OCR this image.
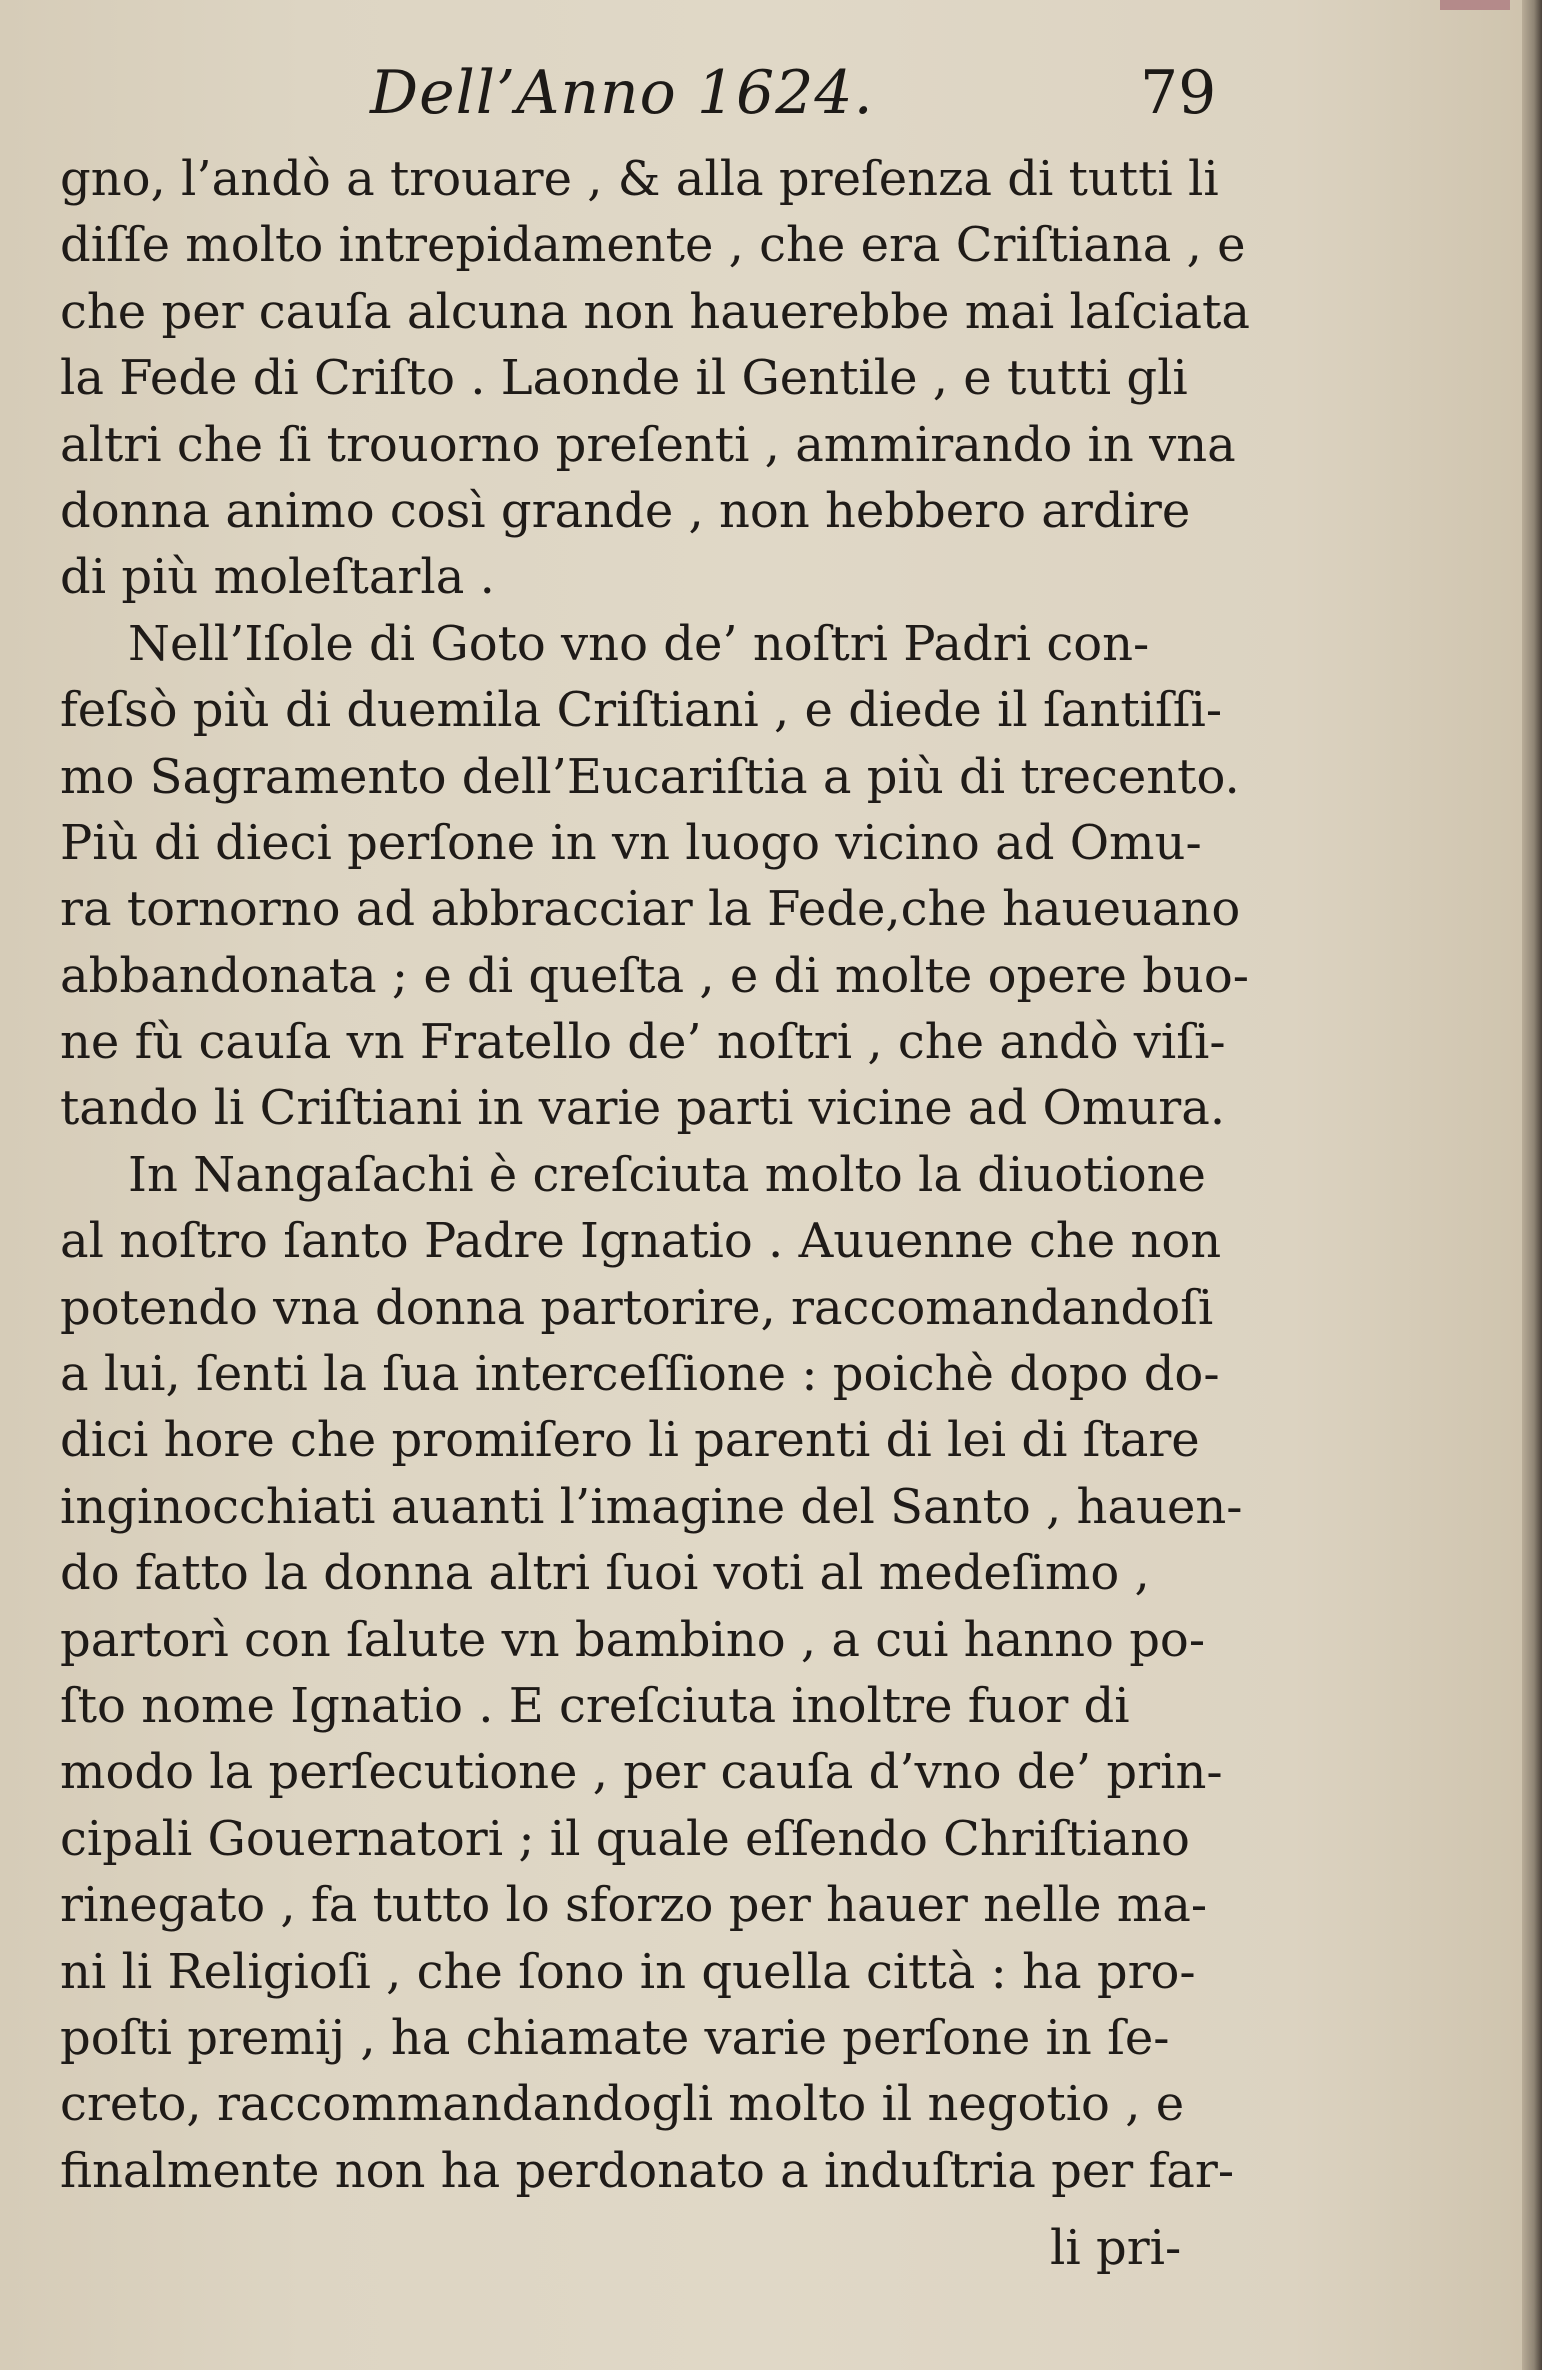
Dell’Anno 1624.	79
gno, l’andò a trouare , & alla preſenza di tutti li
diſſe molto intrepidamente , che era Criſtiana , e
che per cauſa alcuna non hauerebbe mai laſciata
la Fede di Criſto . Laonde il Gentile , e tutti gli
altri che ſi trouorno preſenti , ammirando in vna
donna animo così grande , non hebbero ardire
di più moleſtarla .
Nell’Iſole di Goto vno de’ noſtri Padri con-
feſsò più di duemila Criſtiani , e diede il ſantiſſi-
mo Sagramento dell’Eucariſtia a più di trecento.
Più di dieci perſone in vn luogo vicino ad Omu-
ra tornorno ad abbracciar la Fede,che haueuano
abbandonata ; e di queſta , e di molte opere buo-
ne fù cauſa vn Fratello de’ noſtri , che andò viſi-
tando li Criſtiani in varie parti vicine ad Omura.
In Nangaſachi è creſciuta molto la diuotione
al noſtro ſanto Padre Ignatio . Auuenne che non
potendo vna donna partorire, raccomandandoſi
a lui, ſenti la ſua interceſſione : poichè dopo do-
dici hore che promiſero li parenti di lei di ſtare
inginocchiati auanti l’imagine del Santo , hauen-
do fatto la donna altri ſuoi voti al medeſimo ,
partorì con ſalute vn bambino , a cui hanno po-
ſto nome Ignatio . E creſciuta inoltre fuor di
modo la perſecutione , per cauſa d’vno de’ prin-
cipali Gouernatori ; il quale eſſendo Chriſtiano
rinegato , fa tutto lo sforzo per hauer nelle ma-
ni li Religioſi , che ſono in quella città : ha pro-
poſti premij , ha chiamate varie perſone in ſe-
creto, raccommandandogli molto il negotio , e
finalmente non ha perdonato a induſtria per far-
li pri-
